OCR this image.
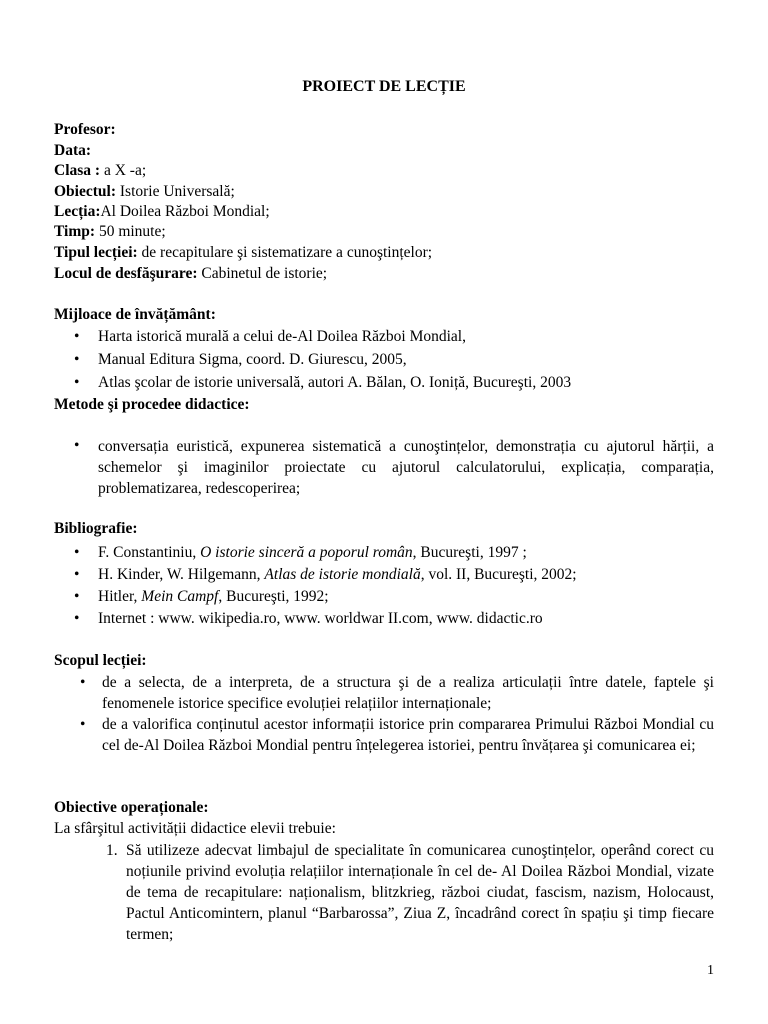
PROIECT DE LECȚIE
Profesor:
Data:
Clasa : a X -a;
Obiectul: Istorie Universală;
Lecția:Al Doilea Război Mondial;
Timp: 50 minute;
Tipul lecției: de recapitulare şi sistematizare a cunoştințelor;
Locul de desfăşurare: Cabinetul de istorie;
Mijloace de învățământ:
• Harta istorică murală a celui de-Al Doilea Război Mondial,
• Manual Editura Sigma, coord. D. Giurescu, 2005,
• Atlas şcolar de istorie universală, autori A. Bălan, O. Ioniță, Bucureşti, 2003
Metode şi procedee didactice:
• conversația euristică, expunerea sistematică a cunoştințelor, demonstrația cu ajutorul hărții, a schemelor şi imaginilor proiectate cu ajutorul calculatorului, explicația, comparația, problematizarea, redescoperirea;
Bibliografie:
• F. Constantiniu, O istorie sinceră a poporul român, Bucureşti, 1997 ;
• H. Kinder, W. Hilgemann, Atlas de istorie mondială, vol. II, Bucureşti, 2002;
• Hitler, Mein Campf, Bucureşti, 1992;
• Internet : www. wikipedia.ro, www. worldwar II.com, www. didactic.ro
Scopul lecției:
• de a selecta, de a interpreta, de a structura şi de a realiza articulații între datele, faptele şi fenomenele istorice specifice evoluției relațiilor internaționale;
• de a valorifica conținutul acestor informații istorice prin compararea Primului Război Mondial cu cel de-Al Doilea Război Mondial pentru înțelegerea istoriei, pentru învățarea şi comunicarea ei;
Obiective operaționale:
La sfârşitul activității didactice elevii trebuie:
1. Să utilizeze adecvat limbajul de specialitate în comunicarea cunoştințelor, operând corect cu noțiunile privind evoluția relațiilor internaționale în cel de- Al Doilea Război Mondial, vizate de tema de recapitulare: naționalism, blitzkrieg, război ciudat, fascism, nazism, Holocaust, Pactul Anticomintern, planul “Barbarossa”, Ziua Z, încadrând corect în spațiu şi timp fiecare termen;
1
